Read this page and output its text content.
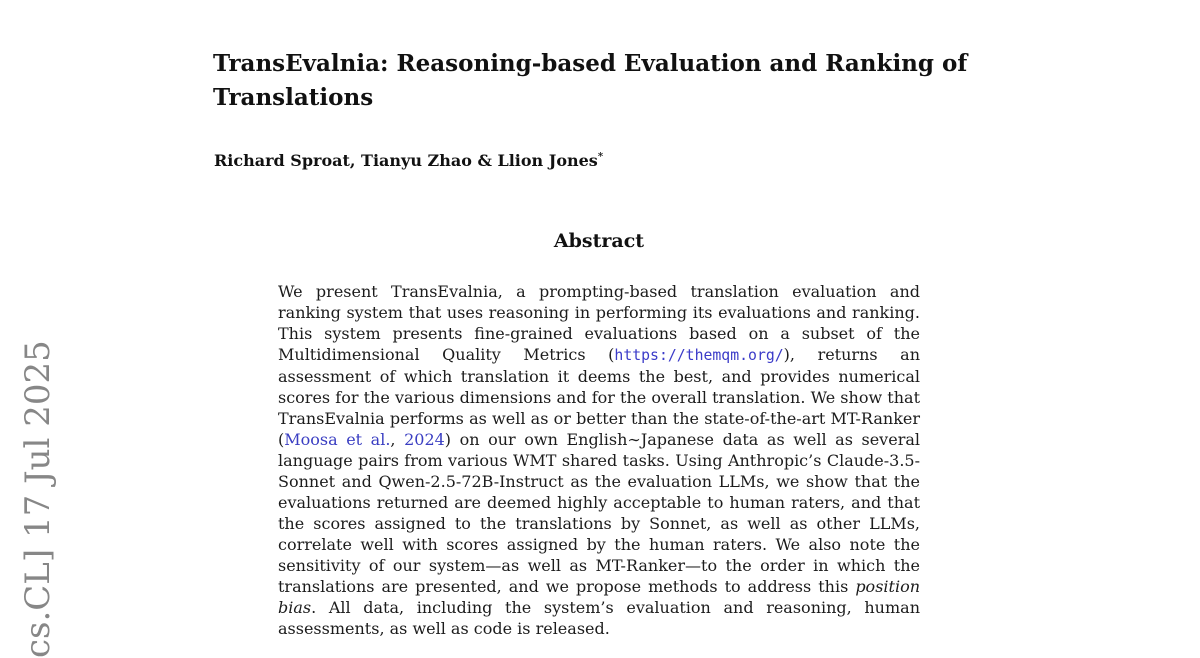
cs.CL] 17 Jul 2025
TransEvalnia: Reasoning-based Evaluation and Ranking of
Translations
Richard Sproat, Tianyu Zhao & Llion Jones*
Abstract
We present TransEvalnia, a prompting-based translation evaluation and ranking system that uses reasoning in performing its evaluations and ranking. This system presents fine-grained evaluations based on a subset of the Multidimensional Quality Metrics (https://themqm.org/), returns an assessment of which translation it deems the best, and provides numerical scores for the various dimensions and for the overall translation. We show that TransEvalnia performs as well as or better than the state-of-the-art MT-Ranker (Moosa et al., 2024) on our own English∼Japanese data as well as several language pairs from various WMT shared tasks. Using Anthropic’s Claude-3.5-Sonnet and Qwen-2.5-72B-Instruct as the evaluation LLMs, we show that the evaluations returned are deemed highly acceptable to human raters, and that the scores assigned to the translations by Sonnet, as well as other LLMs, correlate well with scores assigned by the human raters. We also note the sensitivity of our system—as well as MT-Ranker—to the order in which the translations are presented, and we propose methods to address this position bias. All data, including the system’s evaluation and reasoning, human assessments, as well as code is released.
